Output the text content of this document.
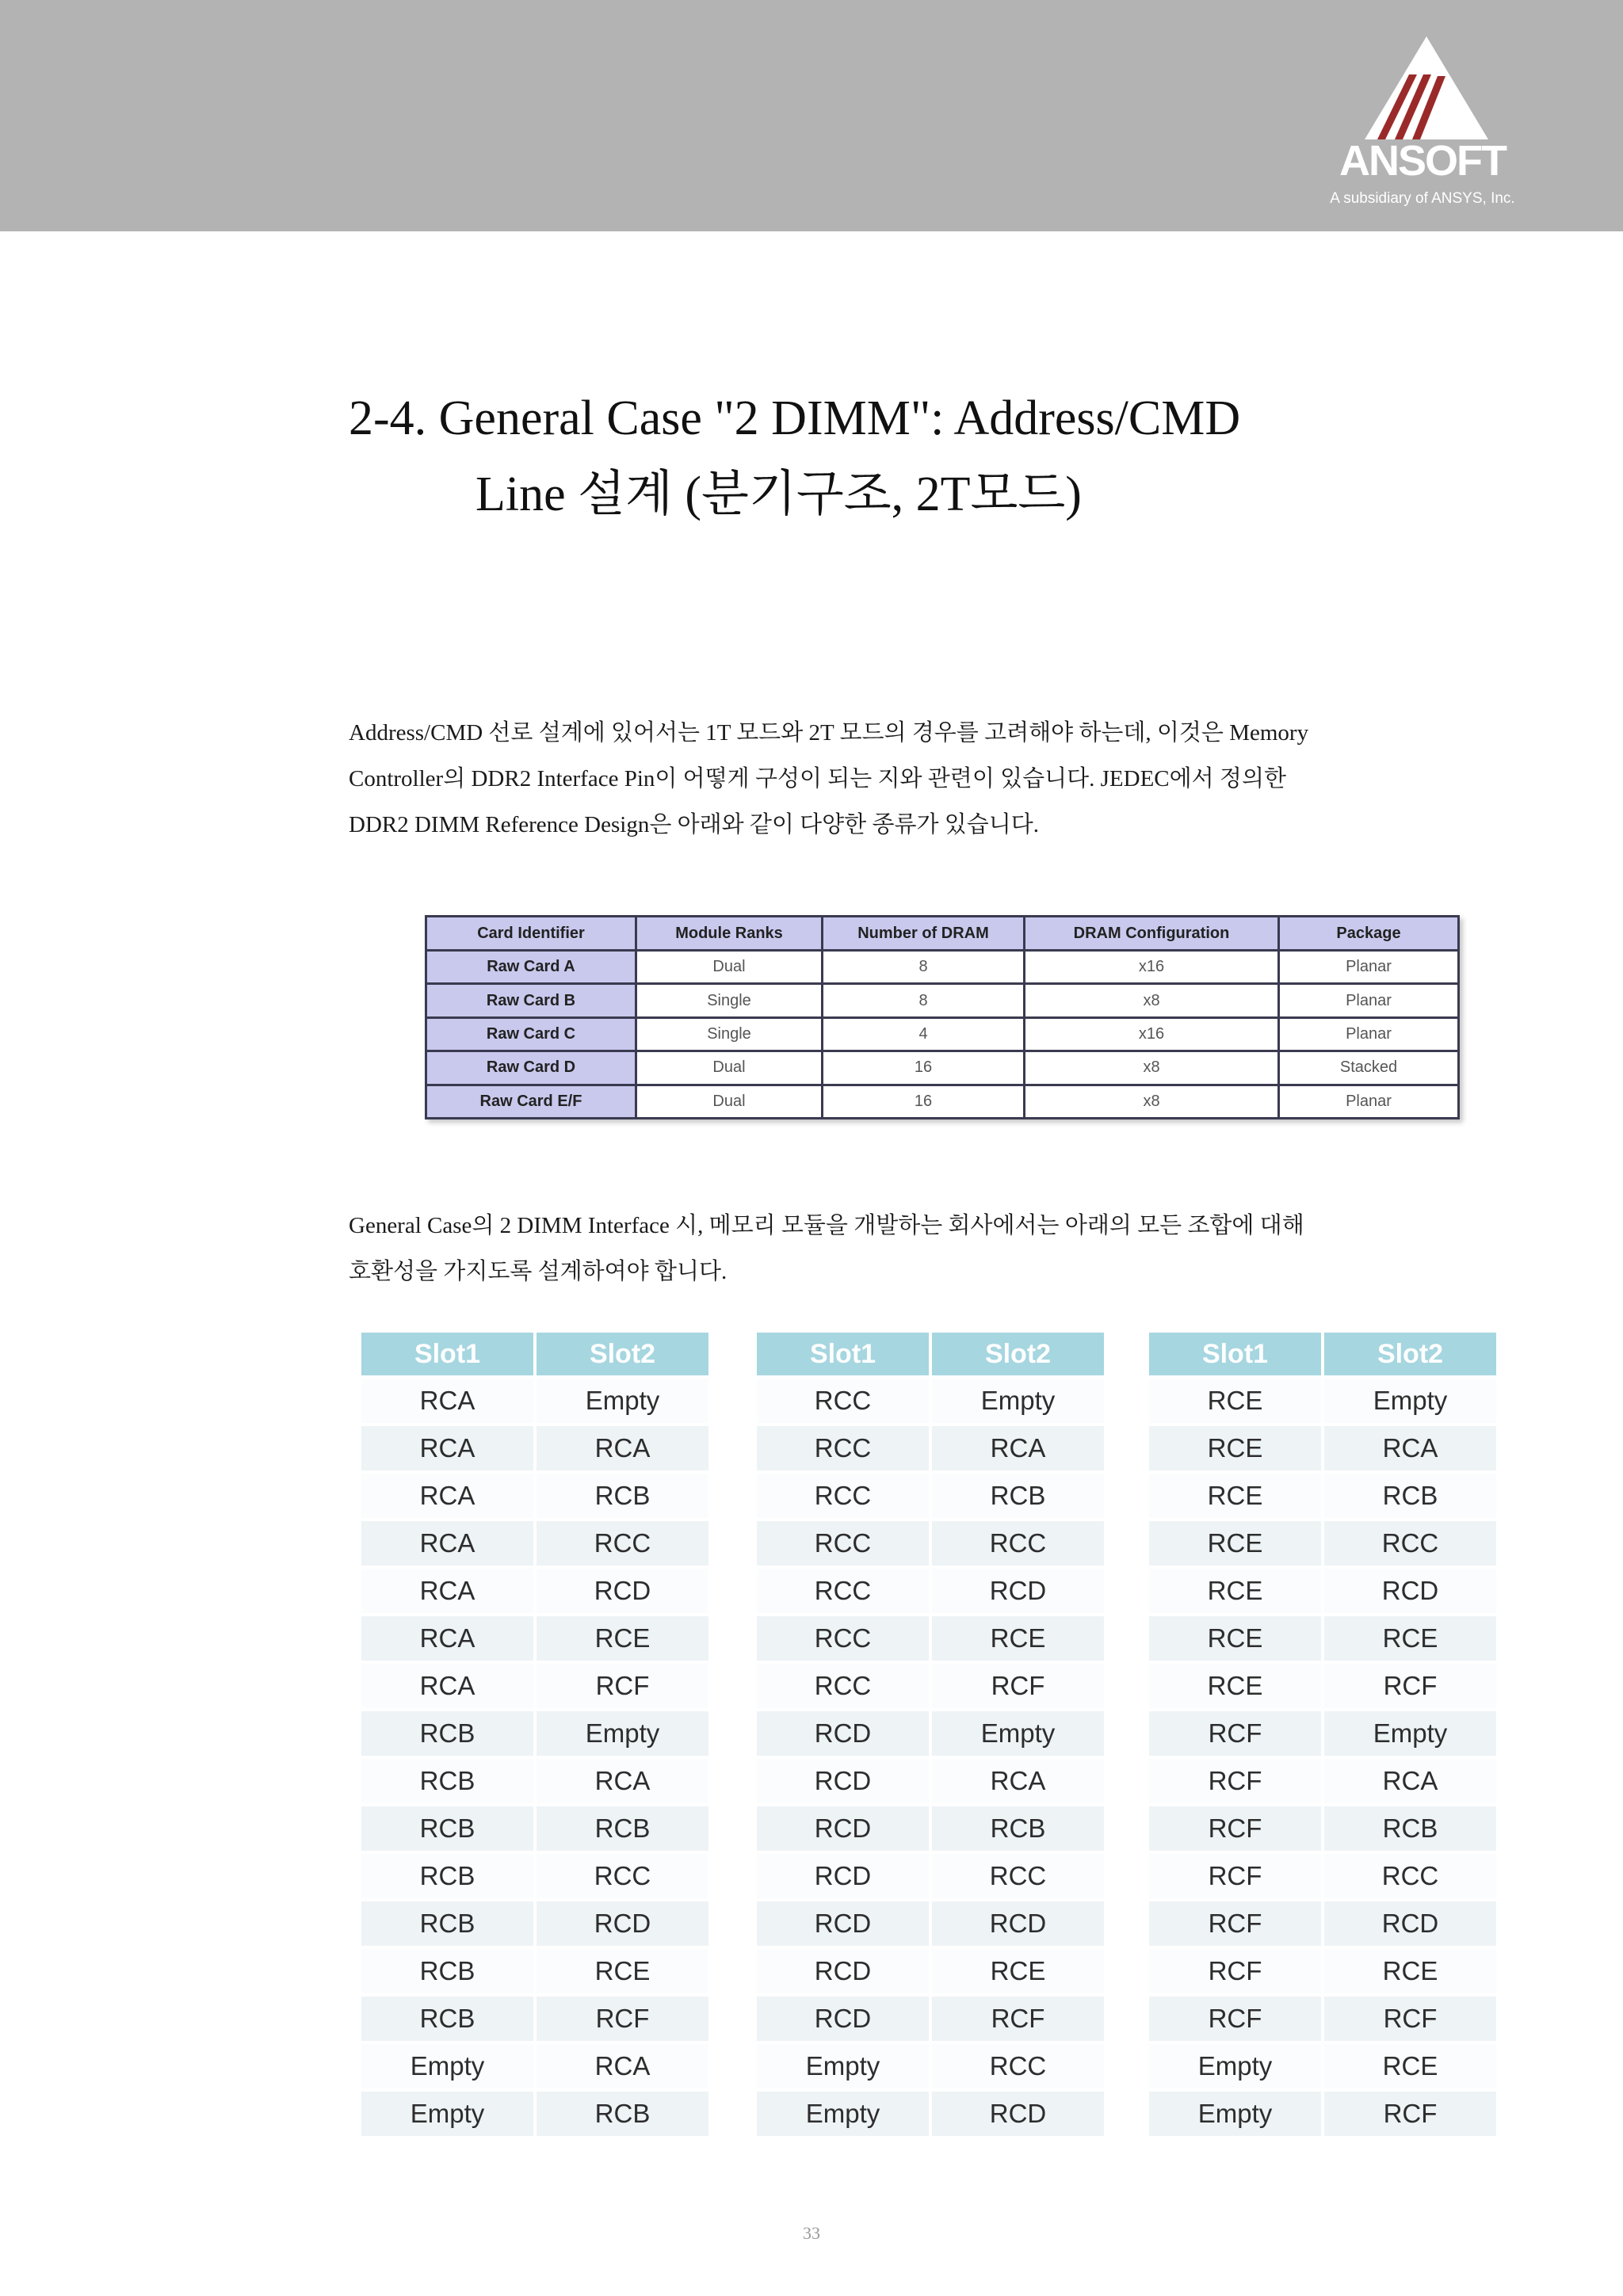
ANSOFT
A subsidiary of ANSYS, Inc.
2-4. General Case "2 DIMM": Address/CMD
Line 설계 (분기구조, 2T모드)
Address/CMD 선로 설계에 있어서는 1T 모드와 2T 모드의 경우를 고려해야 하는데, 이것은 Memory
Controller의 DDR2 Interface Pin이 어떻게 구성이 되는 지와 관련이 있습니다. JEDEC에서 정의한
DDR2 DIMM Reference Design은 아래와 같이 다양한 종류가 있습니다.
Card Identifier	Module Ranks	Number of DRAM	DRAM Configuration	Package
Raw Card A	Dual	8	x16	Planar
Raw Card B	Single	8	x8	Planar
Raw Card C	Single	4	x16	Planar
Raw Card D	Dual	16	x8	Stacked
Raw Card E/F	Dual	16	x8	Planar
General Case의 2 DIMM Interface 시, 메모리 모듈을 개발하는 회사에서는 아래의 모든 조합에 대해
호환성을 가지도록 설계하여야 합니다.
Slot1	Slot2
RCA	Empty
RCA	RCA
RCA	RCB
RCA	RCC
RCA	RCD
RCA	RCE
RCA	RCF
RCB	Empty
RCB	RCA
RCB	RCB
RCB	RCC
RCB	RCD
RCB	RCE
RCB	RCF
Empty	RCA
Empty	RCB
Slot1	Slot2
RCC	Empty
RCC	RCA
RCC	RCB
RCC	RCC
RCC	RCD
RCC	RCE
RCC	RCF
RCD	Empty
RCD	RCA
RCD	RCB
RCD	RCC
RCD	RCD
RCD	RCE
RCD	RCF
Empty	RCC
Empty	RCD
Slot1	Slot2
RCE	Empty
RCE	RCA
RCE	RCB
RCE	RCC
RCE	RCD
RCE	RCE
RCE	RCF
RCF	Empty
RCF	RCA
RCF	RCB
RCF	RCC
RCF	RCD
RCF	RCE
RCF	RCF
Empty	RCE
Empty	RCF
33
